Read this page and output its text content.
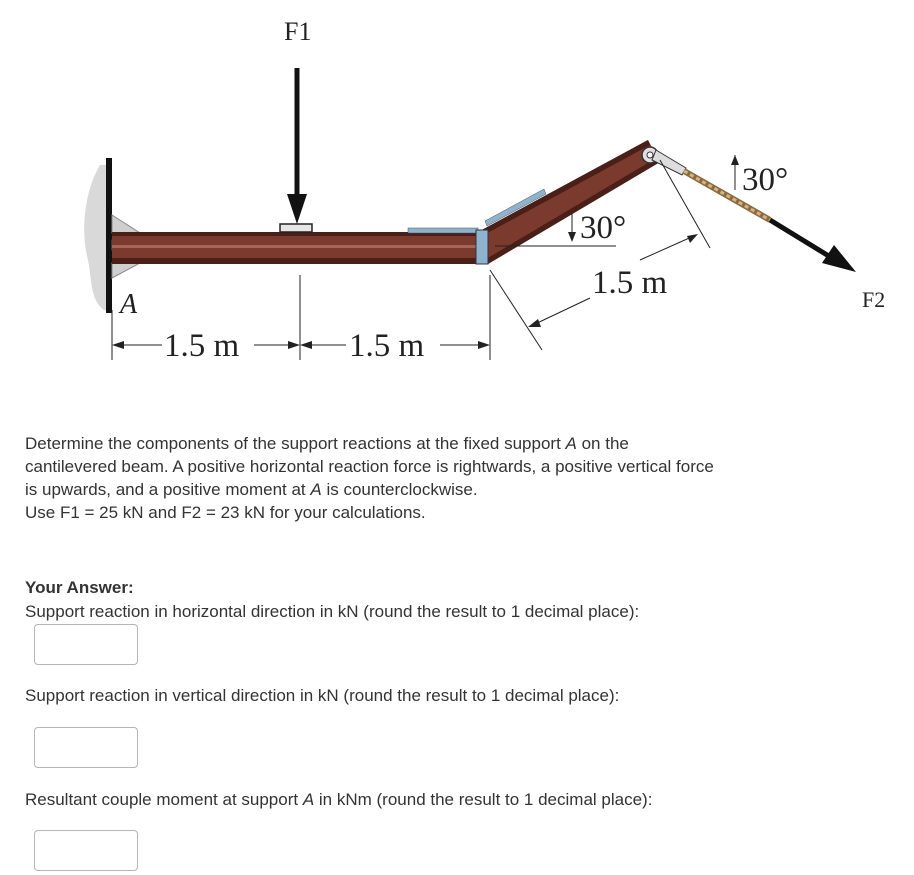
F1
F2
A
1.5 m	1.5 m
1.5 m
30°
30°

Determine the components of the support reactions at the fixed support A on the cantilevered beam. A positive horizontal reaction force is rightwards, a positive vertical force is upwards, and a positive moment at A is counterclockwise.

Use F1 = 25 kN and F2 = 23 kN for your calculations.

Your Answer:

Support reaction in horizontal direction in kN (round the result to 1 decimal place):

Support reaction in vertical direction in kN (round the result to 1 decimal place):

Resultant couple moment at support A in kNm (round the result to 1 decimal place):
